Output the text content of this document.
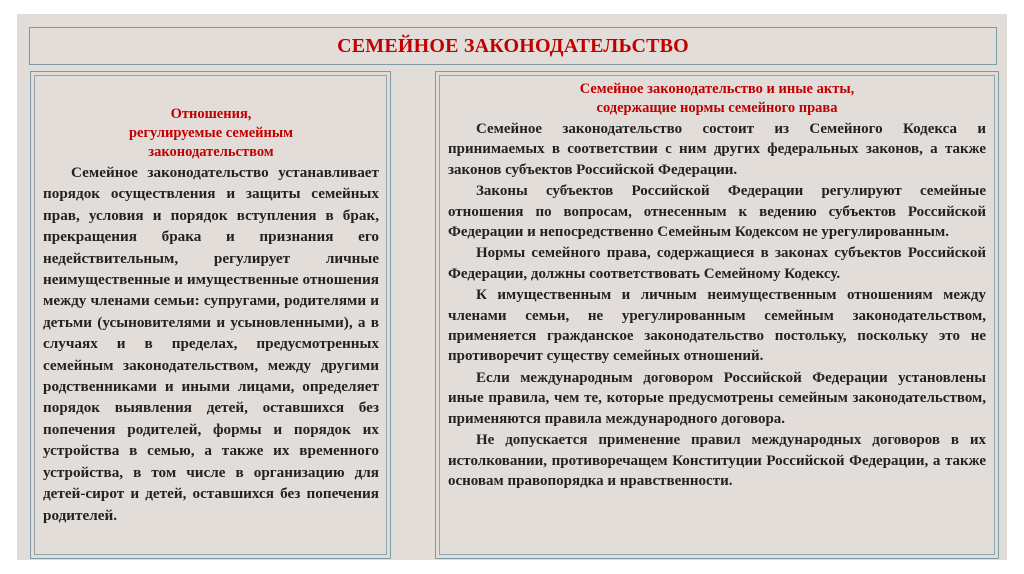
СЕМЕЙНОЕ ЗАКОНОДАТЕЛЬСТВО
Отношения,
регулируемые семейным
законодательством

Семейное законодательство устанавливает порядок осуществления и защиты семейных прав, условия и порядок вступления в брак, прекращения брака и признания его недействительным, регулирует личные неимущественные и имущественные отношения между членами семьи: супругами, родителями и детьми (усыновителями и усыновленными), а в случаях и в пределах, предусмотренных семейным законодательством, между другими родственниками и иными лицами, определяет порядок выявления детей, оставшихся без попечения родителей, формы и порядок их устройства в семью, а также их временного устройства, в том числе в организацию для детей-сирот и детей, оставшихся без попечения родителей.

Семейное законодательство и иные акты,
содержащие нормы семейного права

Семейное законодательство состоит из Семейного Кодекса и принимаемых в соответствии с ним других федеральных законов, а также законов субъектов Российской Федерации.

Законы субъектов Российской Федерации регулируют семейные отношения по вопросам, отнесенным к ведению субъектов Российской Федерации и непосредственно Семейным Кодексом не урегулированным.

Нормы семейного права, содержащиеся в законах субъектов Российской Федерации, должны соответствовать Семейному Кодексу.

К имущественным и личным неимущественным отношениям между членами семьи, не урегулированным семейным законодательством, применяется гражданское законодательство постольку, поскольку это не противоречит существу семейных отношений.

Если международным договором Российской Федерации установлены иные правила, чем те, которые предусмотрены семейным законодательством, применяются правила международного договора.

Не допускается применение правил международных договоров в их истолковании, противоречащем Конституции Российской Федерации, а также основам правопорядка и нравственности.
